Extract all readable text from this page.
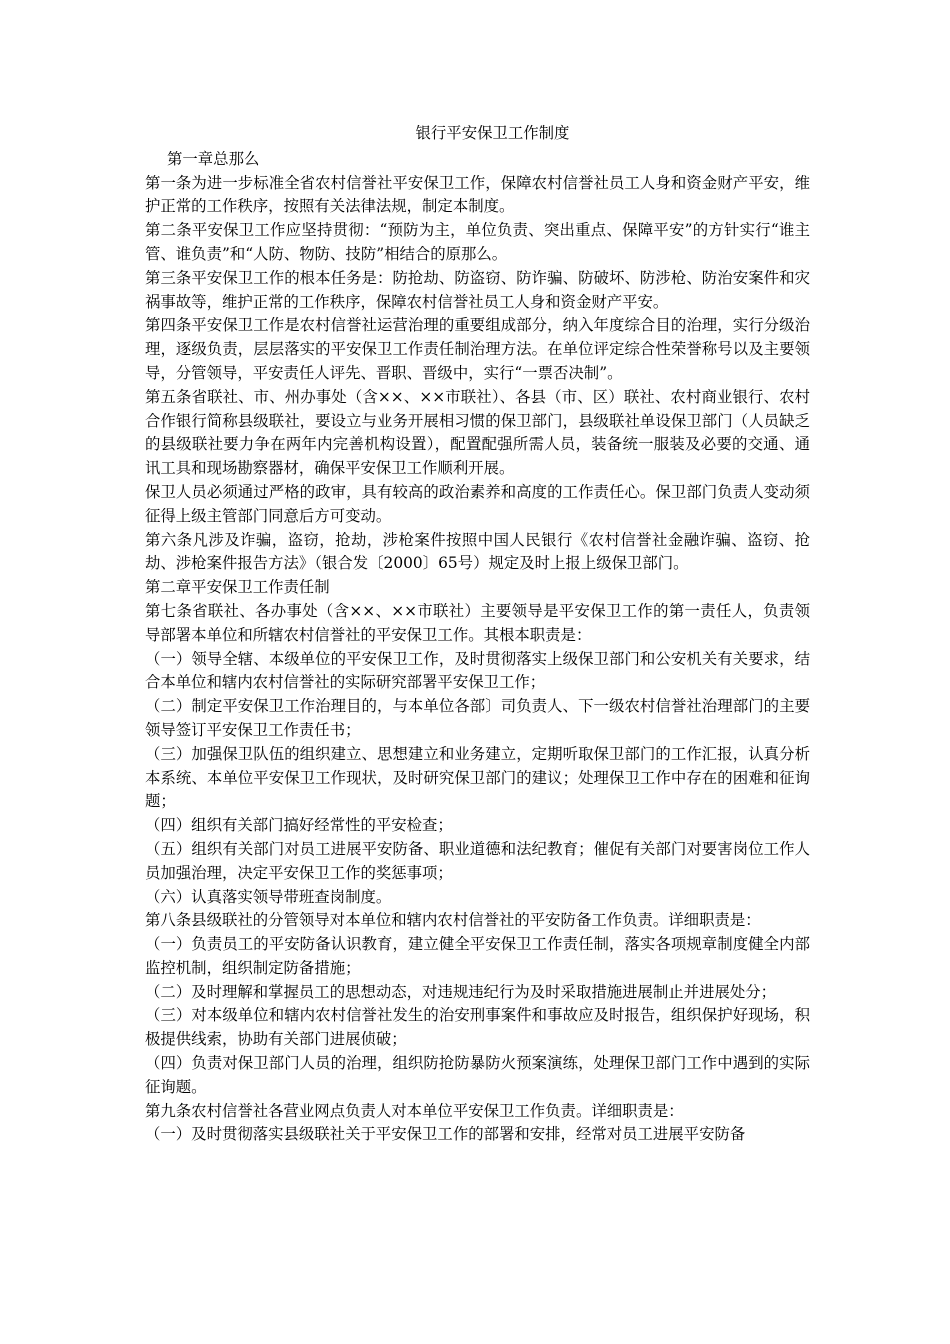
银行平安保卫工作制度

第一章总那么

第一条为进一步标准全省农村信誉社平安保卫工作，保障农村信誉社员工人身和资金财产平安，维护正常的工作秩序，按照有关法律法规，制定本制度。

第二条平安保卫工作应坚持贯彻：“预防为主，单位负责、突出重点、保障平安”的方针实行“谁主管、谁负责”和“人防、物防、技防”相结合的原那么。

第三条平安保卫工作的根本任务是：防抢劫、防盗窃、防诈骗、防破坏、防涉枪、防治安案件和灾祸事故等，维护正常的工作秩序，保障农村信誉社员工人身和资金财产平安。

第四条平安保卫工作是农村信誉社运营治理的重要组成部分，纳入年度综合目的治理，实行分级治理，逐级负责，层层落实的平安保卫工作责任制治理方法。在单位评定综合性荣誉称号以及主要领导，分管领导，平安责任人评先、晋职、晋级中，实行“一票否决制”。

第五条省联社、市、州办事处（含××、××市联社）、各县（市、区）联社、农村商业银行、农村合作银行简称县级联社，要设立与业务开展相习惯的保卫部门，县级联社单设保卫部门（人员缺乏的县级联社要力争在两年内完善机构设置），配置配强所需人员，装备统一服装及必要的交通、通讯工具和现场勘察器材，确保平安保卫工作顺利开展。

保卫人员必须通过严格的政审，具有较高的政治素养和高度的工作责任心。保卫部门负责人变动须征得上级主管部门同意后方可变动。

第六条凡涉及诈骗，盗窃，抢劫，涉枪案件按照中国人民银行《农村信誉社金融诈骗、盗窃、抢劫、涉枪案件报告方法》（银合发〔2000〕65号）规定及时上报上级保卫部门。

第二章平安保卫工作责任制

第七条省联社、各办事处（含××、××市联社）主要领导是平安保卫工作的第一责任人，负责领导部署本单位和所辖农村信誉社的平安保卫工作。其根本职责是：

（一）领导全辖、本级单位的平安保卫工作，及时贯彻落实上级保卫部门和公安机关有关要求，结合本单位和辖内农村信誉社的实际研究部署平安保卫工作；

（二）制定平安保卫工作治理目的，与本单位各部〕司负责人、下一级农村信誉社治理部门的主要领导签订平安保卫工作责任书；

（三）加强保卫队伍的组织建立、思想建立和业务建立，定期听取保卫部门的工作汇报，认真分析本系统、本单位平安保卫工作现状，及时研究保卫部门的建议；处理保卫工作中存在的困难和征询题；

（四）组织有关部门搞好经常性的平安检查；

（五）组织有关部门对员工进展平安防备、职业道德和法纪教育；催促有关部门对要害岗位工作人员加强治理，决定平安保卫工作的奖惩事项；

（六）认真落实领导带班查岗制度。

第八条县级联社的分管领导对本单位和辖内农村信誉社的平安防备工作负责。详细职责是：

（一）负责员工的平安防备认识教育，建立健全平安保卫工作责任制，落实各项规章制度健全内部监控机制，组织制定防备措施；

（二）及时理解和掌握员工的思想动态，对违规违纪行为及时采取措施进展制止并进展处分；

（三）对本级单位和辖内农村信誉社发生的治安刑事案件和事故应及时报告，组织保护好现场，积极提供线索，协助有关部门进展侦破；

（四）负责对保卫部门人员的治理，组织防抢防暴防火预案演练，处理保卫部门工作中遇到的实际征询题。

第九条农村信誉社各营业网点负责人对本单位平安保卫工作负责。详细职责是：

（一）及时贯彻落实县级联社关于平安保卫工作的部署和安排，经常对员工进展平安防备
